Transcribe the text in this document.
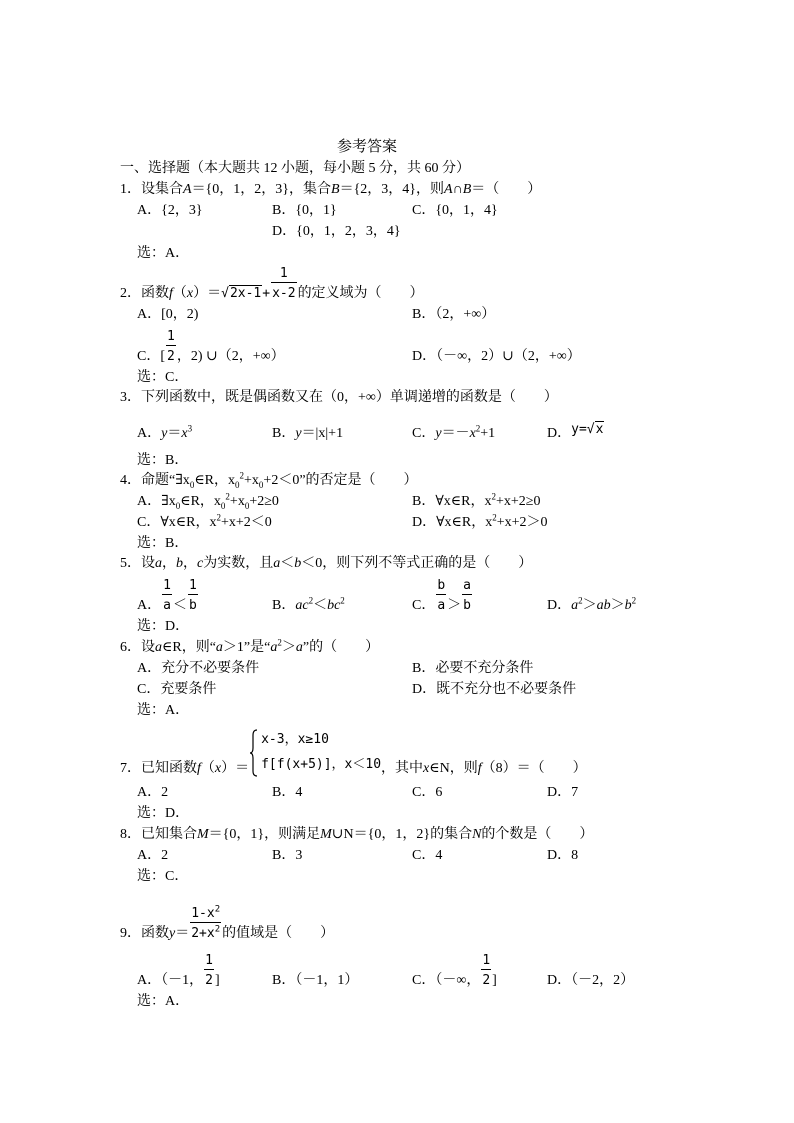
参考答案
一、选择题（本大题共 12 小题，每小题 5 分，共 60 分）
1．设集合A＝{0，1，2，3}，集合B＝{2，3，4}，则A∩B＝（　　）
A．{2，3}	B．{0，1}	C．{0，1，4}
D．{0，1，2，3，4}
选：A．
2．函数$f(x)=√2x-1+ \frac{1}{x-2}$ 的定义域为（　　）
A．[0，2)	B．（2，+∞）
C．[ $\frac{1}{2}$ ，2) ∪（2，+∞）	D．（－∞，2）∪（2，+∞）
选：C．
3．下列函数中，既是偶函数又在（0，+∞）单调递增的函数是（　　）
A．$y=x^3$	B．y＝|x|+1	C．$y=-x^2+1$	D．y=√x
选：B．
4．命题“$\exists x_0\in R$，$x_0^2+x_0+2<0$”的否定是（　　）
A．$\exists x_0\in R$，$x_0^2+x_0+2\ge 0$	B．∀x∈R，$x^2+x+2\ge 0$
C．∀x∈R，$x^2+x+2<0$	D．∀x∈R，$x^2+x+2>0$
选：B．
5．设a，b，c为实数，且a＜b＜0，则下列不等式正确的是（　　）
A． $\frac{1}{a} < \frac{1}{b}$	B．$ac^2<bc^2$	C． $\frac{b}{a} > \frac{a}{b}$	D．$a^2>ab>b^2$
选：D．
6．设a∈R，则“a＞1”是“$a^2>a$”的（　　）
A．充分不必要条件	B．必要不充分条件
C．充要条件	D．既不充分也不必要条件
选：A．
7．已知函数f（x）＝
x-3，x≥10
f[f(x+5)]，x＜10 ，其中x∈N，则f（8）＝（　　）
A．2	B．4	C．6	D．7
选：D．
8．已知集合M＝{0，1}，则满足M∪N＝{0，1，2}的集合N的个数是（　　）
A．2	B．3	C．4	D．8
选：C．
9．函数$y= \frac{1-x^2}{2+x^2}$ 的值域是（　　）
A．（－1， $\frac{1}{2}$ ]	B．（－1，1）	C．（－∞， $\frac{1}{2}$ ]	D．（－2，2）
选：A．
